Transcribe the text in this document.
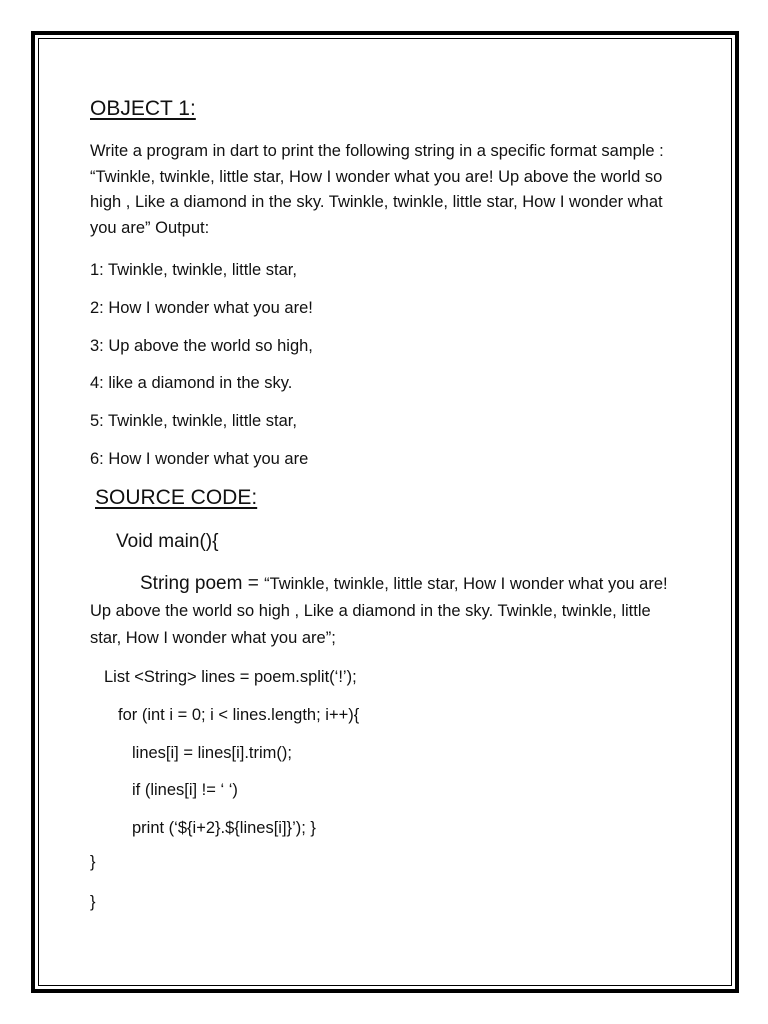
OBJECT 1:
Write a program in dart to print the following string in a specific format sample : “Twinkle, twinkle, little star, How I wonder what you are! Up above the world so high , Like a diamond in the sky. Twinkle, twinkle, little star, How I wonder what you are” Output:
1: Twinkle, twinkle, little star,
2: How I wonder what you are!
3: Up above the world so high,
4: like a diamond in the sky.
5: Twinkle, twinkle, little star,
6: How I wonder what you are
SOURCE CODE:
Void main(){
String poem = “Twinkle, twinkle, little star, How I wonder what you are! Up above the world so high , Like a diamond in the sky. Twinkle, twinkle, little star, How I wonder what you are”;
List <String> lines = poem.split(‘!’);
for (int i = 0; i < lines.length; i++){
lines[i] = lines[i].trim();
if (lines[i] != ‘ ‘)
print (‘${i+2}.${lines[i]}’); }
}
}
